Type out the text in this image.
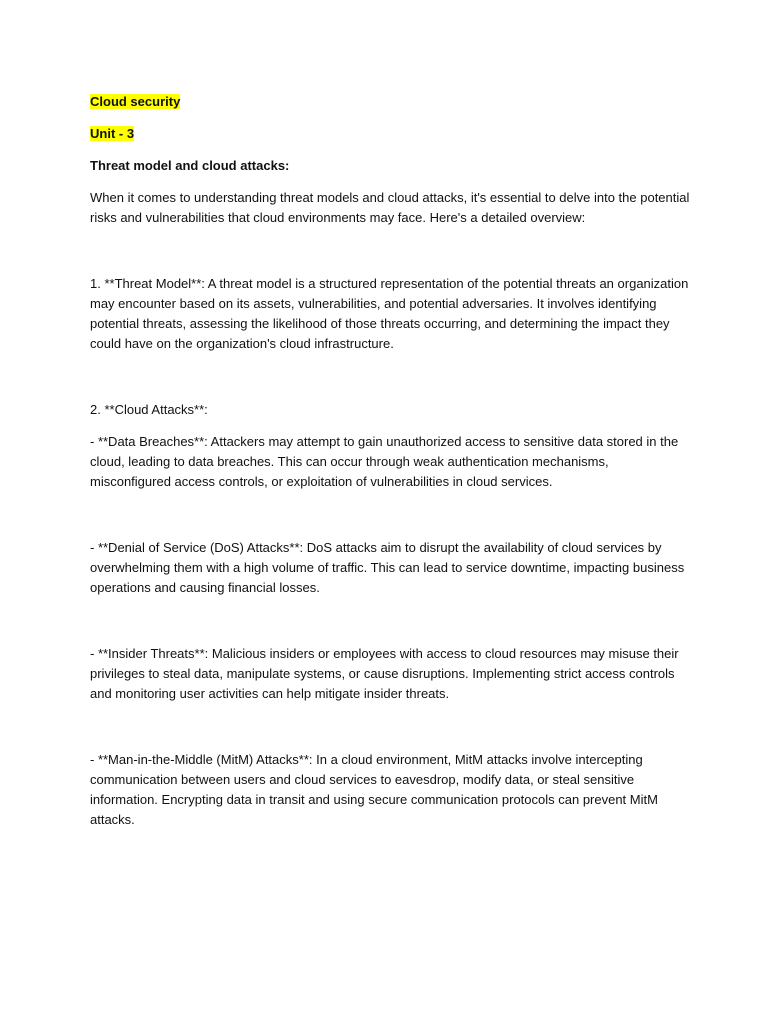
Cloud security
Unit - 3

Threat model and cloud attacks:

When it comes to understanding threat models and cloud attacks, it's essential to delve into the potential risks and vulnerabilities that cloud environments may face. Here's a detailed overview:

1. **Threat Model**: A threat model is a structured representation of the potential threats an organization may encounter based on its assets, vulnerabilities, and potential adversaries. It involves identifying potential threats, assessing the likelihood of those threats occurring, and determining the impact they could have on the organization's cloud infrastructure.

2. **Cloud Attacks**:

- **Data Breaches**: Attackers may attempt to gain unauthorized access to sensitive data stored in the cloud, leading to data breaches. This can occur through weak authentication mechanisms, misconfigured access controls, or exploitation of vulnerabilities in cloud services.

- **Denial of Service (DoS) Attacks**: DoS attacks aim to disrupt the availability of cloud services by overwhelming them with a high volume of traffic. This can lead to service downtime, impacting business operations and causing financial losses.

- **Insider Threats**: Malicious insiders or employees with access to cloud resources may misuse their privileges to steal data, manipulate systems, or cause disruptions. Implementing strict access controls and monitoring user activities can help mitigate insider threats.

- **Man-in-the-Middle (MitM) Attacks**: In a cloud environment, MitM attacks involve intercepting communication between users and cloud services to eavesdrop, modify data, or steal sensitive information. Encrypting data in transit and using secure communication protocols can prevent MitM attacks.
